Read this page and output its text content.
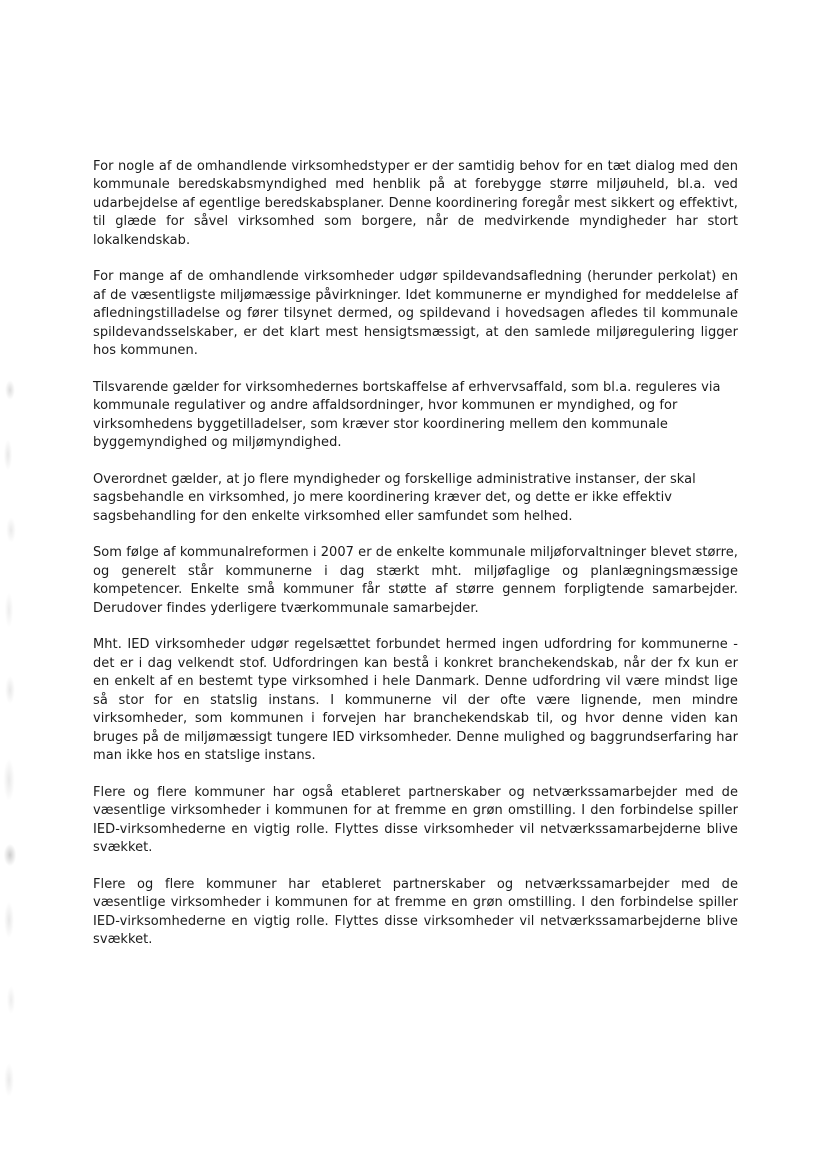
For nogle af de omhandlende virksomhedstyper er der samtidig behov for en tæt dialog med den kommunale beredskabsmyndighed med henblik på at forebygge større miljøuheld, bl.a. ved udarbejdelse af egentlige beredskabsplaner. Denne koordinering foregår mest sikkert og effektivt, til glæde for såvel virksomhed som borgere, når de medvirkende myndigheder har stort lokalkendskab.

For mange af de omhandlende virksomheder udgør spildevandsafledning (herunder perkolat) en af de væsentligste miljømæssige påvirkninger. Idet kommunerne er myndighed for meddelelse af afledningstilladelse og fører tilsynet dermed, og spildevand i hovedsagen afledes til kommunale spildevandsselskaber, er det klart mest hensigtsmæssigt, at den samlede miljøregulering ligger hos kommunen.

Tilsvarende gælder for virksomhedernes bortskaffelse af erhvervsaffald, som bl.a. reguleres via kommunale regulativer og andre affaldsordninger, hvor kommunen er myndighed, og for virksomhedens byggetilladelser, som kræver stor koordinering mellem den kommunale byggemyndighed og miljømyndighed.

Overordnet gælder, at jo flere myndigheder og forskellige administrative instanser, der skal sagsbehandle en virksomhed, jo mere koordinering kræver det, og dette er ikke effektiv sagsbehandling for den enkelte virksomhed eller samfundet som helhed.

Som følge af kommunalreformen i 2007 er de enkelte kommunale miljøforvaltninger blevet større, og generelt står kommunerne i dag stærkt mht. miljøfaglige og planlægningsmæssige kompetencer. Enkelte små kommuner får støtte af større gennem forpligtende samarbejder. Derudover findes yderligere tværkommunale samarbejder.

Mht. IED virksomheder udgør regelsættet forbundet hermed ingen udfordring for kommunerne - det er i dag velkendt stof. Udfordringen kan bestå i konkret branchekendskab, når der fx kun er en enkelt af en bestemt type virksomhed i hele Danmark. Denne udfordring vil være mindst lige så stor for en statslig instans. I kommunerne vil der ofte være lignende, men mindre virksomheder, som kommunen i forvejen har branchekendskab til, og hvor denne viden kan bruges på de miljømæssigt tungere IED virksomheder. Denne mulighed og baggrundserfaring har man ikke hos en statslige instans.

Flere og flere kommuner har også etableret partnerskaber og netværkssamarbejder med de væsentlige virksomheder i kommunen for at fremme en grøn omstilling. I den forbindelse spiller IED-virksomhederne en vigtig rolle. Flyttes disse virksomheder vil netværkssamarbejderne blive svækket.

Flere og flere kommuner har etableret partnerskaber og netværkssamarbejder med de væsentlige virksomheder i kommunen for at fremme en grøn omstilling. I den forbindelse spiller IED-virksomhederne en vigtig rolle. Flyttes disse virksomheder vil netværkssamarbejderne blive svækket.
